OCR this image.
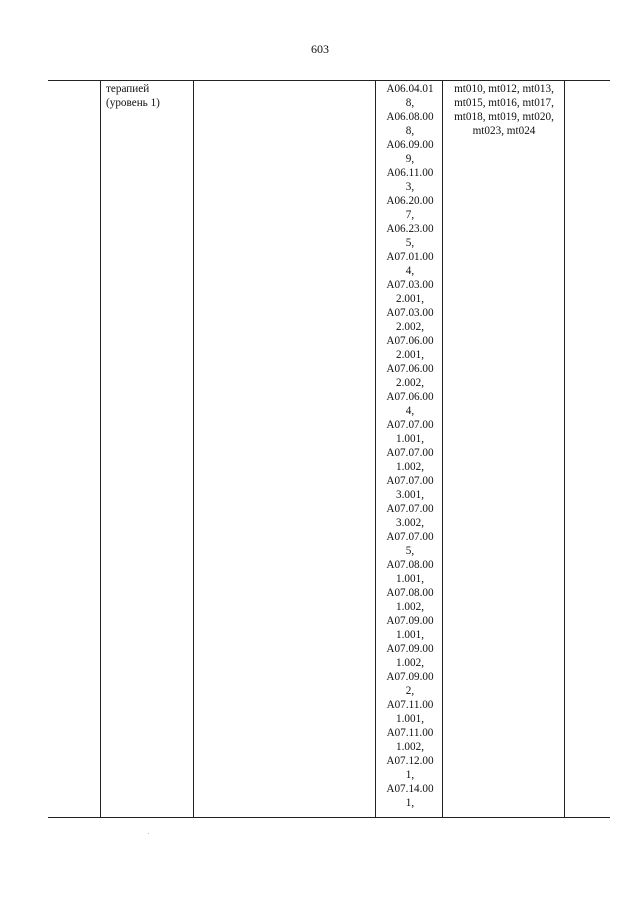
603
терапией
(уровень 1)
A06.04.01
8,
A06.08.00
8,
A06.09.00
9,
A06.11.00
3,
A06.20.00
7,
A06.23.00
5,
A07.01.00
4,
A07.03.00
2.001,
A07.03.00
2.002,
A07.06.00
2.001,
A07.06.00
2.002,
A07.06.00
4,
A07.07.00
1.001,
A07.07.00
1.002,
A07.07.00
3.001,
A07.07.00
3.002,
A07.07.00
5,
A07.08.00
1.001,
A07.08.00
1.002,
A07.09.00
1.001,
A07.09.00
1.002,
A07.09.00
2,
A07.11.00
1.001,
A07.11.00
1.002,
A07.12.00
1,
A07.14.00
1,
mt010, mt012, mt013,
mt015, mt016, mt017,
mt018, mt019, mt020,
mt023, mt024
